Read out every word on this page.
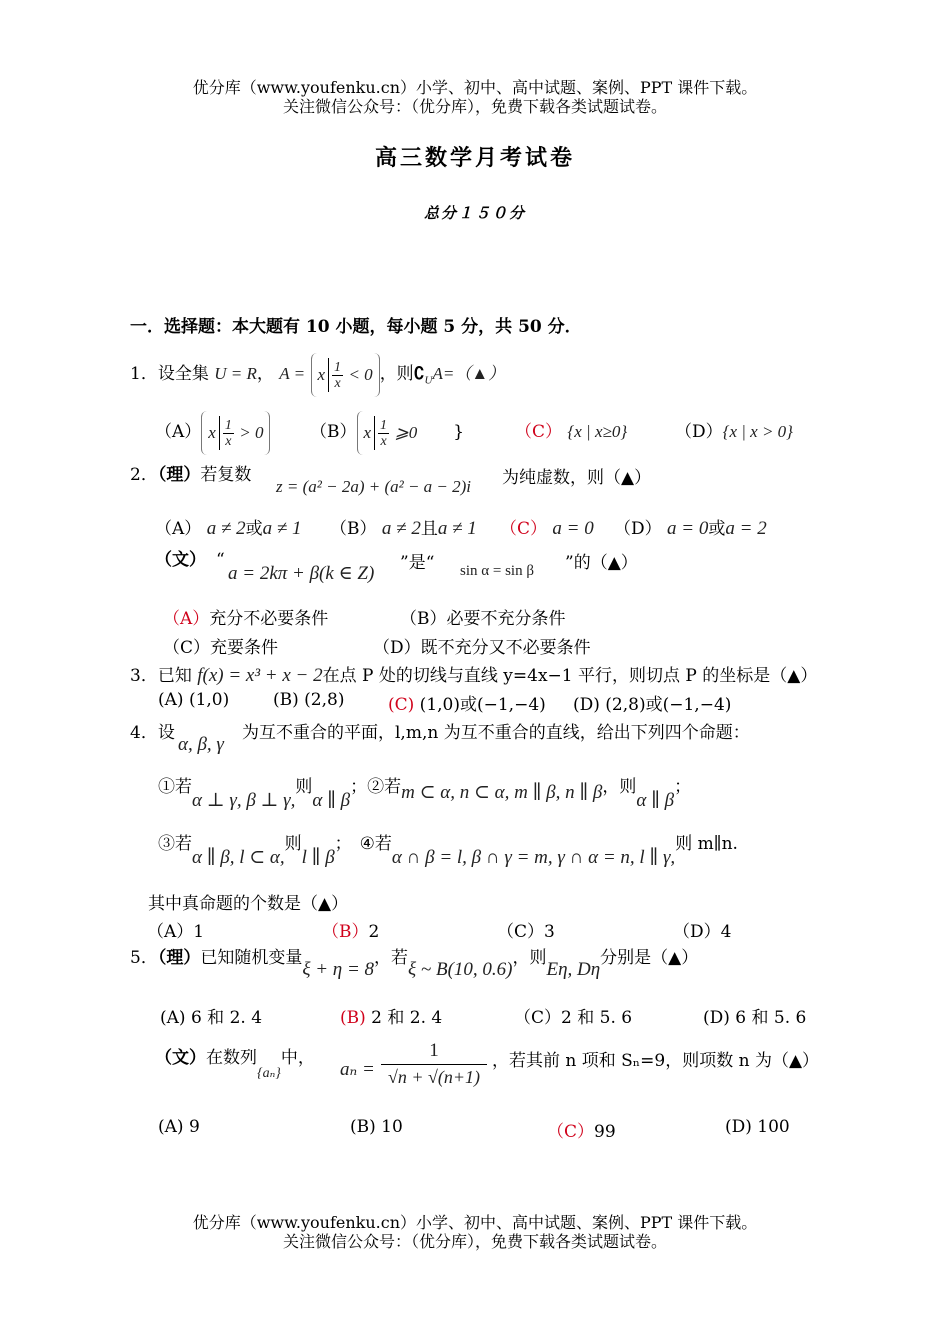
优分库（www.youfenku.cn）小学、初中、高中试题、案例、PPT 课件下载。
关注微信公众号：（优分库），免费下载各类试题试卷。
高三数学月考试卷
总分１５０分
一．选择题：本大题有 10 小题，每小题 5 分，共 50 分．
1．设全集 U = R， A = x $\frac{1}{x} < 0$ ，则$∁_UA=(▲)$
（A） x $\frac{1}{x} > 0$	（B） x $\frac{1}{x}$ ⩾0 }	（C） {x | x≥0}	（D）{x | x > 0}
2．（理）若复数
z = (a² − 2a) + (a² − a − 2)i 为纯虚数，则（▲）
（A） a ≠ 2或a ≠ 1 （B） a ≠ 2且a ≠ 1 （C） a = 0 （D） a = 0或a = 2
（文） “
a = 2kπ + β(k ∈ Z) ”是“ sin α = sin β ”的（▲）
（A）充分不必要条件	（B）必要不充分条件
（C）充要条件	（D）既不充分又不必要条件
3．已知 f(x) = x³ + x − 2在点 P 处的切线与直线 y=4x−1 平行，则切点 P 的坐标是（▲）
(A) (1,0)	(B) (2,8)	(C) (1,0)或(−1,−4) (D) (2,8)或(−1,−4)
4．设
α, β, γ
为互不重合的平面，l,m,n 为互不重合的直线，给出下列四个命题：
①若α ⊥ γ, β ⊥ γ,则α ∥ β；②若m ⊂ α, n ⊂ α, m ∥ β, n ∥ β，则α ∥ β；
③若α ∥ β, l ⊂ α,则l ∥ β； ④若α ∩ β = l, β ∩ γ = m, γ ∩ α = n, l ∥ γ,则 m∥n.
其中真命题的个数是（▲）
（A）1	（B）2	（C）3	（D）4
5．（理）已知随机变量ξ + η = 8，若ξ ~ B(10, 0.6)，则Eη, Dη分别是（▲）
(A) 6 和 2. 4	(B) 2 和 2. 4	（C）2 和 5. 6	(D) 6 和 5. 6
（文）在数列$_{\{a_n\}}$中，
aₙ =
1
√n + √(n+1)
，若其前 n 项和 Sₙ=9，则项数 n 为（▲）
(A) 9	(B) 10	（C）99	(D) 100
优分库（www.youfenku.cn）小学、初中、高中试题、案例、PPT 课件下载。
关注微信公众号：（优分库），免费下载各类试题试卷。
